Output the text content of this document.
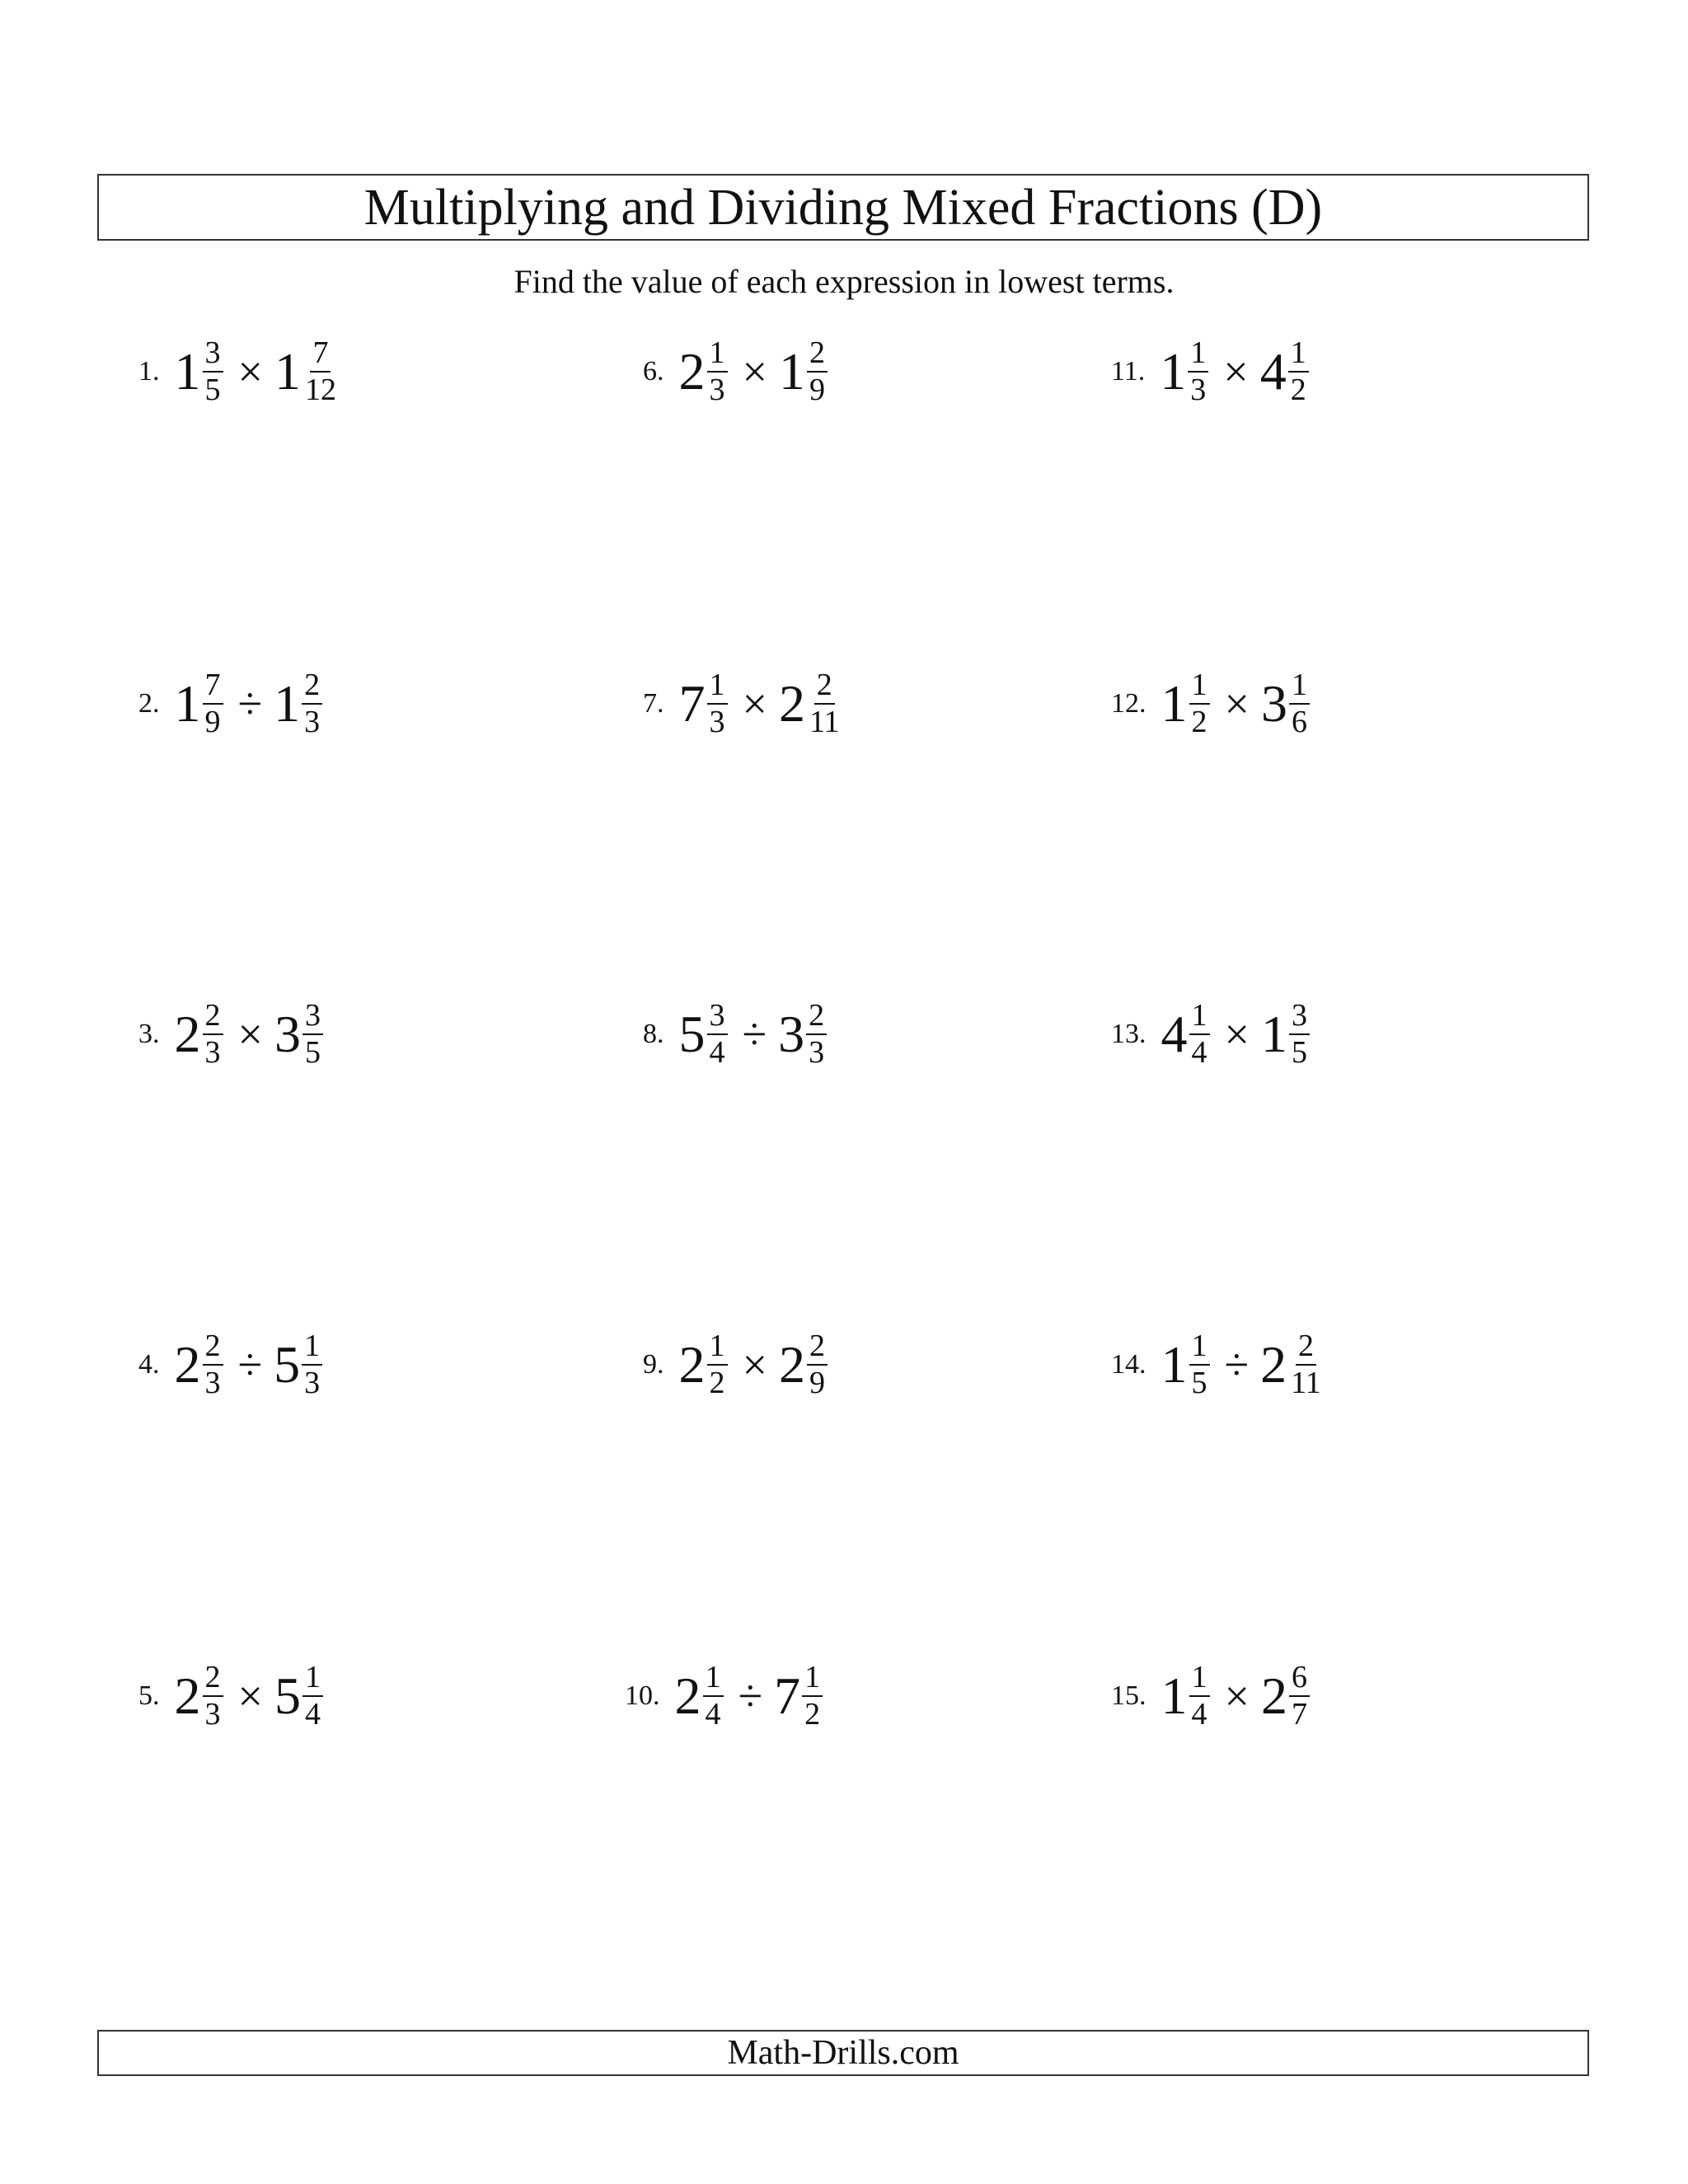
Multiplying and Dividing Mixed Fractions (D)
Find the value of each expression in lowest terms.
1. $1 \frac{3}{5} \times 1 \frac{7}{12}$
2. $1 \frac{7}{9} \div 1 \frac{2}{3}$
3. $2 \frac{2}{3} \times 3 \frac{3}{5}$
4. $2 \frac{2}{3} \div 5 \frac{1}{3}$
5. $2 \frac{2}{3} \times 5 \frac{1}{4}$
6. $2 \frac{1}{3} \times 1 \frac{2}{9}$
7. $7 \frac{1}{3} \times 2 \frac{2}{11}$
8. $5 \frac{3}{4} \div 3 \frac{2}{3}$
9. $2 \frac{1}{2} \times 2 \frac{2}{9}$
10. $2 \frac{1}{4} \div 7 \frac{1}{2}$
11. $1 \frac{1}{3} \times 4 \frac{1}{2}$
12. $1 \frac{1}{2} \times 3 \frac{1}{6}$
13. $4 \frac{1}{4} \times 1 \frac{3}{5}$
14. $1 \frac{1}{5} \div 2 \frac{2}{11}$
15. $1 \frac{1}{4} \times 2 \frac{6}{7}$
Math-Drills.com
